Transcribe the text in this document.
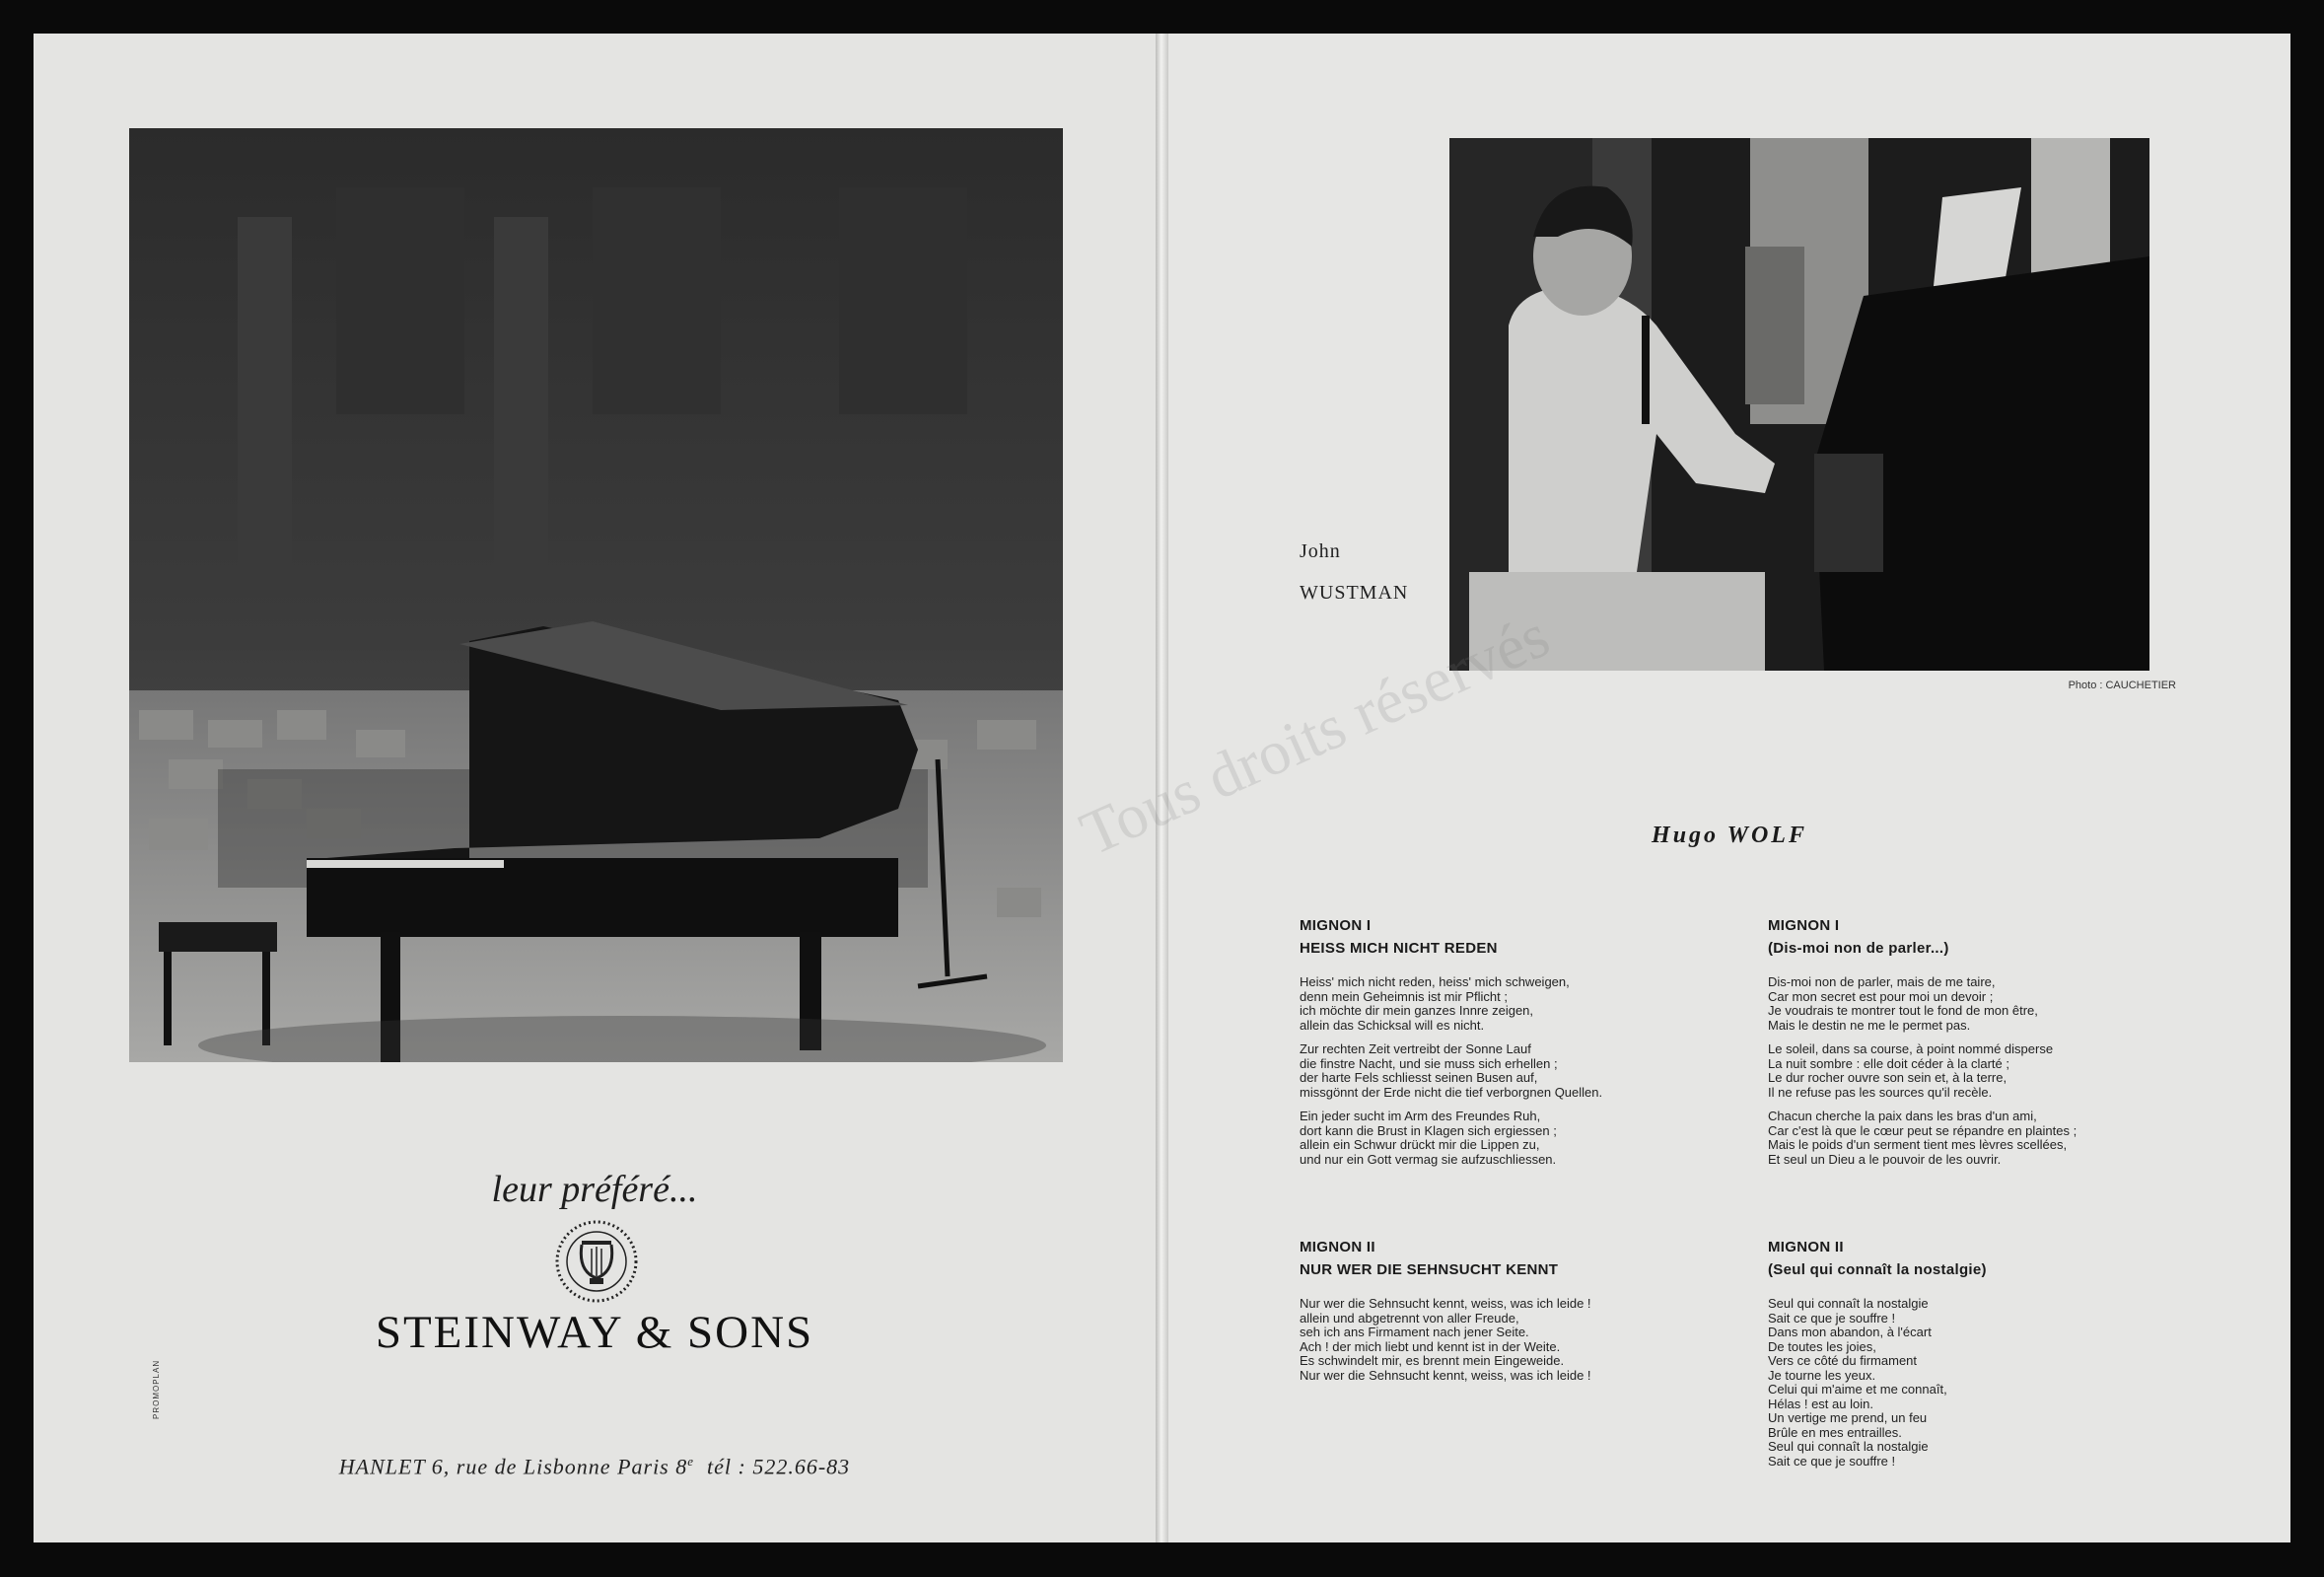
leur préféré...
STEINWAY & SONS
HANLET 6, rue de Lisbonne Paris 8e  tél : 522.66-83
PROMOPLAN
John
WUSTMAN
Photo : CAUCHETIER
Hugo WOLF
MIGNON I
HEISS MICH NICHT REDEN
Heiss' mich nicht reden, heiss' mich schweigen,
denn mein Geheimnis ist mir Pflicht ;
ich möchte dir mein ganzes Innre zeigen,
allein das Schicksal will es nicht.
Zur rechten Zeit vertreibt der Sonne Lauf
die finstre Nacht, und sie muss sich erhellen ;
der harte Fels schliesst seinen Busen auf,
missgönnt der Erde nicht die tief verborgnen Quellen.
Ein jeder sucht im Arm des Freundes Ruh,
dort kann die Brust in Klagen sich ergiessen ;
allein ein Schwur drückt mir die Lippen zu,
und nur ein Gott vermag sie aufzuschliessen.
MIGNON I
(Dis-moi non de parler...)
Dis-moi non de parler, mais de me taire,
Car mon secret est pour moi un devoir ;
Je voudrais te montrer tout le fond de mon être,
Mais le destin ne me le permet pas.
Le soleil, dans sa course, à point nommé disperse
La nuit sombre : elle doit céder à la clarté ;
Le dur rocher ouvre son sein et, à la terre,
Il ne refuse pas les sources qu'il recèle.
Chacun cherche la paix dans les bras d'un ami,
Car c'est là que le cœur peut se répandre en plaintes ;
Mais le poids d'un serment tient mes lèvres scellées,
Et seul un Dieu a le pouvoir de les ouvrir.
MIGNON II
NUR WER DIE SEHNSUCHT KENNT
Nur wer die Sehnsucht kennt, weiss, was ich leide !
allein und abgetrennt von aller Freude,
seh ich ans Firmament nach jener Seite.
Ach ! der mich liebt und kennt ist in der Weite.
Es schwindelt mir, es brennt mein Eingeweide.
Nur wer die Sehnsucht kennt, weiss, was ich leide !
MIGNON II
(Seul qui connaît la nostalgie)
Seul qui connaît la nostalgie
Sait ce que je souffre !
Dans mon abandon, à l'écart
De toutes les joies,
Vers ce côté du firmament
Je tourne les yeux.
Celui qui m'aime et me connaît,
Hélas ! est au loin.
Un vertige me prend, un feu
Brûle en mes entrailles.
Seul qui connaît la nostalgie
Sait ce que je souffre !
